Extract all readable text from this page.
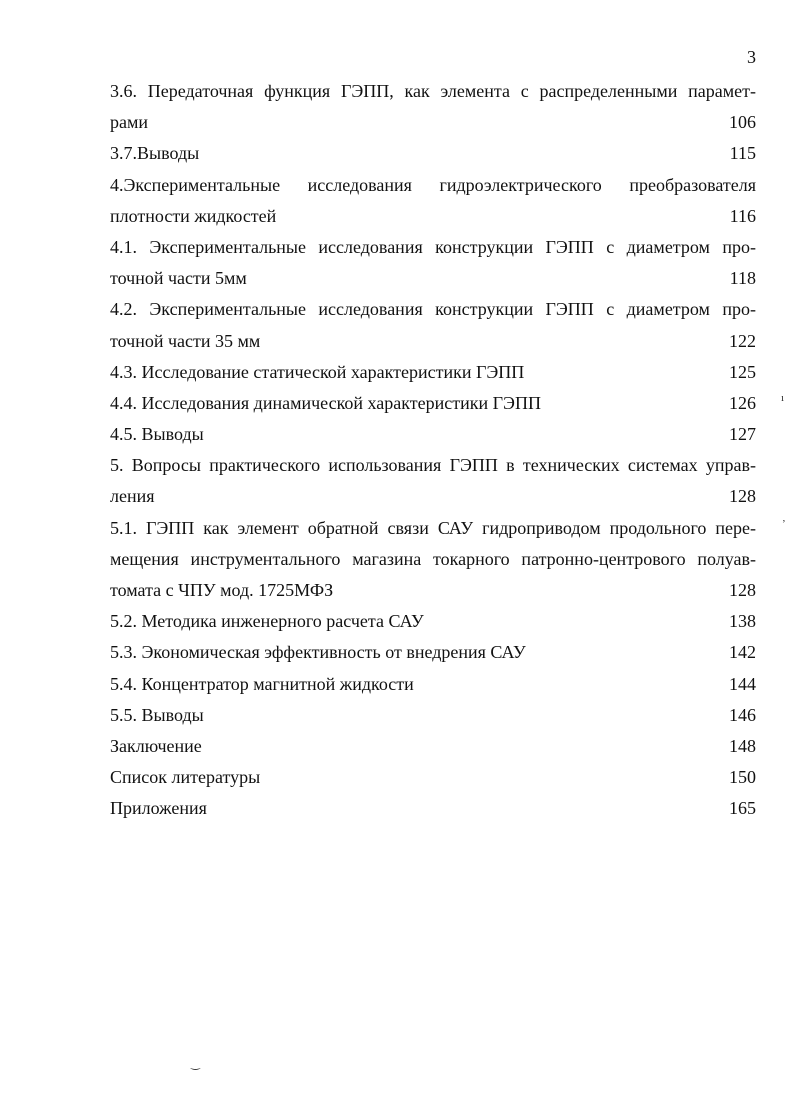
3
3.6. Передаточная функция ГЭПП, как элемента с распределенными парамет-
рами	106
3.7.Выводы	115
4.Экспериментальные исследования гидроэлектрического преобразователя
плотности жидкостей	116
4.1. Экспериментальные исследования конструкции ГЭПП с диаметром про-
точной части 5мм	118
4.2. Экспериментальные исследования конструкции ГЭПП с диаметром про-
точной части 35 мм	122
4.3. Исследование статической характеристики ГЭПП	125
4.4. Исследования динамической характеристики ГЭПП	126
4.5. Выводы	127
5. Вопросы практического использования ГЭПП в технических системах управ-
ления	128
5.1. ГЭПП как элемент обратной связи САУ гидроприводом продольного пере-
мещения инструментального магазина токарного патронно-центрового полуав-
томата с ЧПУ мод. 1725МФЗ	128
5.2. Методика инженерного расчета САУ	138
5.3. Экономическая эффективность от внедрения САУ	142
5.4. Концентратор магнитной жидкости	144
5.5. Выводы	146
Заключение	148
Список литературы	150
Приложения	165
ı
ʼ
‿
